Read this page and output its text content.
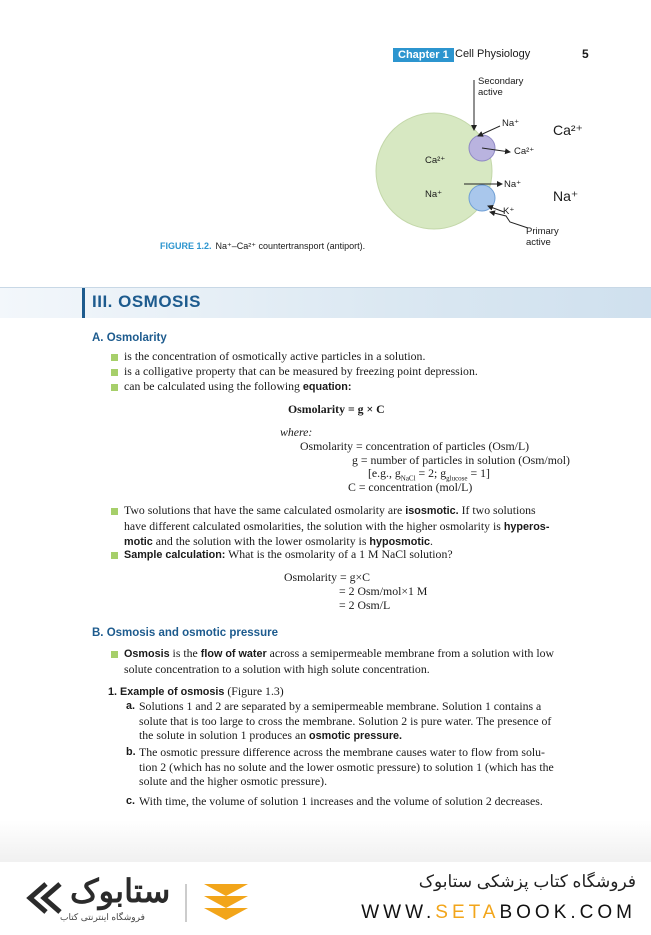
Chapter 1 Cell Physiology	5
Secondary
active
Na⁺ Ca²⁺
Ca²⁺
Ca²⁺
Na⁺
Na⁺	Na⁺
K⁺
Primary
active
FIGURE 1.2. Na⁺–Ca²⁺ countertransport (antiport).
III. OSMOSIS
A. Osmolarity
is the concentration of osmotically active particles in a solution.
is a colligative property that can be measured by freezing point depression.
can be calculated using the following equation:
Osmolarity = g × C
where:
Osmolarity = concentration of particles (Osm/L)
g = number of particles in solution (Osm/mol)
[e.g., $g_{NaCl} = 2$; $g_{glucose} = 1$]
C = concentration (mol/L)
Two solutions that have the same calculated osmolarity are isosmotic. If two solutions
have different calculated osmolarities, the solution with the higher osmolarity is hyperos-
motic and the solution with the lower osmolarity is hyposmotic.
Sample calculation: What is the osmolarity of a 1 M NaCl solution?
Osmolarity = g×C
= 2 Osm/mol×1 M
= 2 Osm/L
B. Osmosis and osmotic pressure
Osmosis is the flow of water across a semipermeable membrane from a solution with low
solute concentration to a solution with high solute concentration.
1. Example of osmosis (Figure 1.3)
a. Solutions 1 and 2 are separated by a semipermeable membrane. Solution 1 contains a
solute that is too large to cross the membrane. Solution 2 is pure water. The presence of
the solute in solution 1 produces an osmotic pressure.
b. The osmotic pressure difference across the membrane causes water to flow from solu-
tion 2 (which has no solute and the lower osmotic pressure) to solution 1 (which has the
solute and the higher osmotic pressure).
c. With time, the volume of solution 1 increases and the volume of solution 2 decreases.
ستابوک
فروشگاه اینترنتی کتاب
فروشگاه کتاب پزشکی ستابوک
WWW.SETABOOK.COM
